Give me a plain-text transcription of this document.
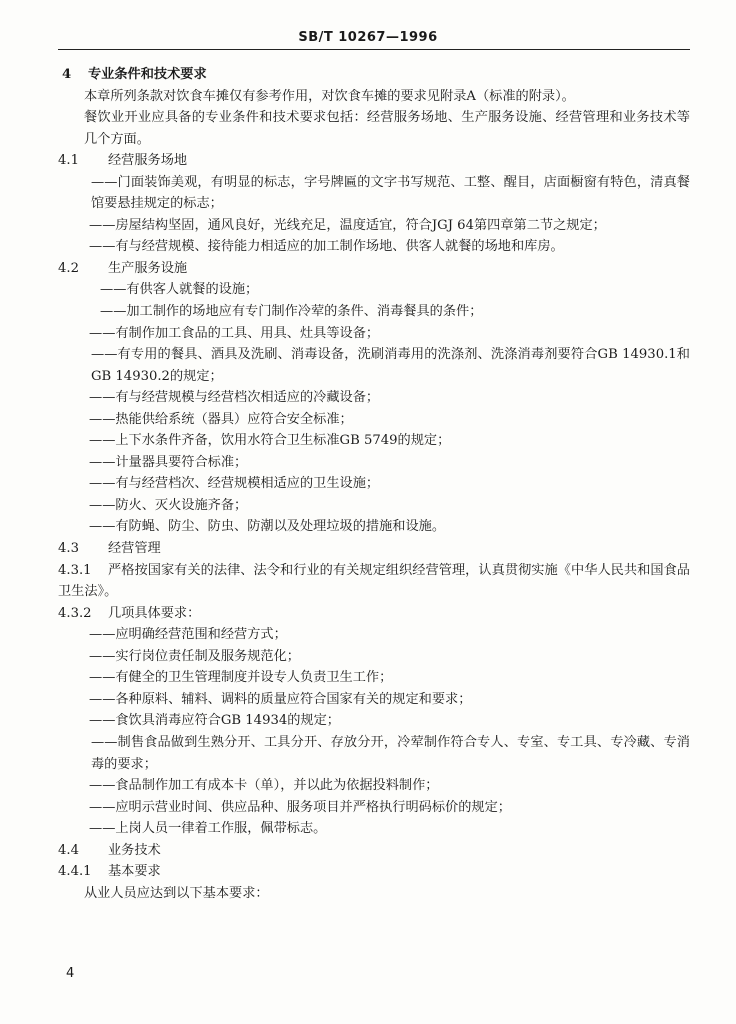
SB/T 10267—1996
4 专业条件和技术要求
本章所列条款对饮食车摊仅有参考作用，对饮食车摊的要求见附录A（标准的附录）。
餐饮业开业应具备的专业条件和技术要求包括：经营服务场地、生产服务设施、经营管理和业务技术等几个方面。
4.1 经营服务场地
——门面装饰美观，有明显的标志，字号牌匾的文字书写规范、工整、醒目，店面橱窗有特色，清真餐馆要悬挂规定的标志；
——房屋结构坚固，通风良好，光线充足，温度适宜，符合JGJ 64第四章第二节之规定；
——有与经营规模、接待能力相适应的加工制作场地、供客人就餐的场地和库房。
4.2 生产服务设施
——有供客人就餐的设施；
——加工制作的场地应有专门制作冷荤的条件、消毒餐具的条件；
——有制作加工食品的工具、用具、灶具等设备；
——有专用的餐具、酒具及洗刷、消毒设备，洗刷消毒用的洗涤剂、洗涤消毒剂要符合GB 14930.1和GB 14930.2的规定；
——有与经营规模与经营档次相适应的冷藏设备；
——热能供给系统（器具）应符合安全标准；
——上下水条件齐备，饮用水符合卫生标准GB 5749的规定；
——计量器具要符合标准；
——有与经营档次、经营规模相适应的卫生设施；
——防火、灭火设施齐备；
——有防蝇、防尘、防虫、防潮以及处理垃圾的措施和设施。
4.3 经营管理
4.3.1 严格按国家有关的法律、法令和行业的有关规定组织经营管理，认真贯彻实施《中华人民共和国食品卫生法》。
4.3.2 几项具体要求：
——应明确经营范围和经营方式；
——实行岗位责任制及服务规范化；
——有健全的卫生管理制度并设专人负责卫生工作；
——各种原料、辅料、调料的质量应符合国家有关的规定和要求；
——食饮具消毒应符合GB 14934的规定；
——制售食品做到生熟分开、工具分开、存放分开，冷荤制作符合专人、专室、专工具、专冷藏、专消毒的要求；
——食品制作加工有成本卡（单），并以此为依据投料制作；
——应明示营业时间、供应品种、服务项目并严格执行明码标价的规定；
——上岗人员一律着工作服，佩带标志。
4.4 业务技术
4.4.1 基本要求
从业人员应达到以下基本要求：
4
